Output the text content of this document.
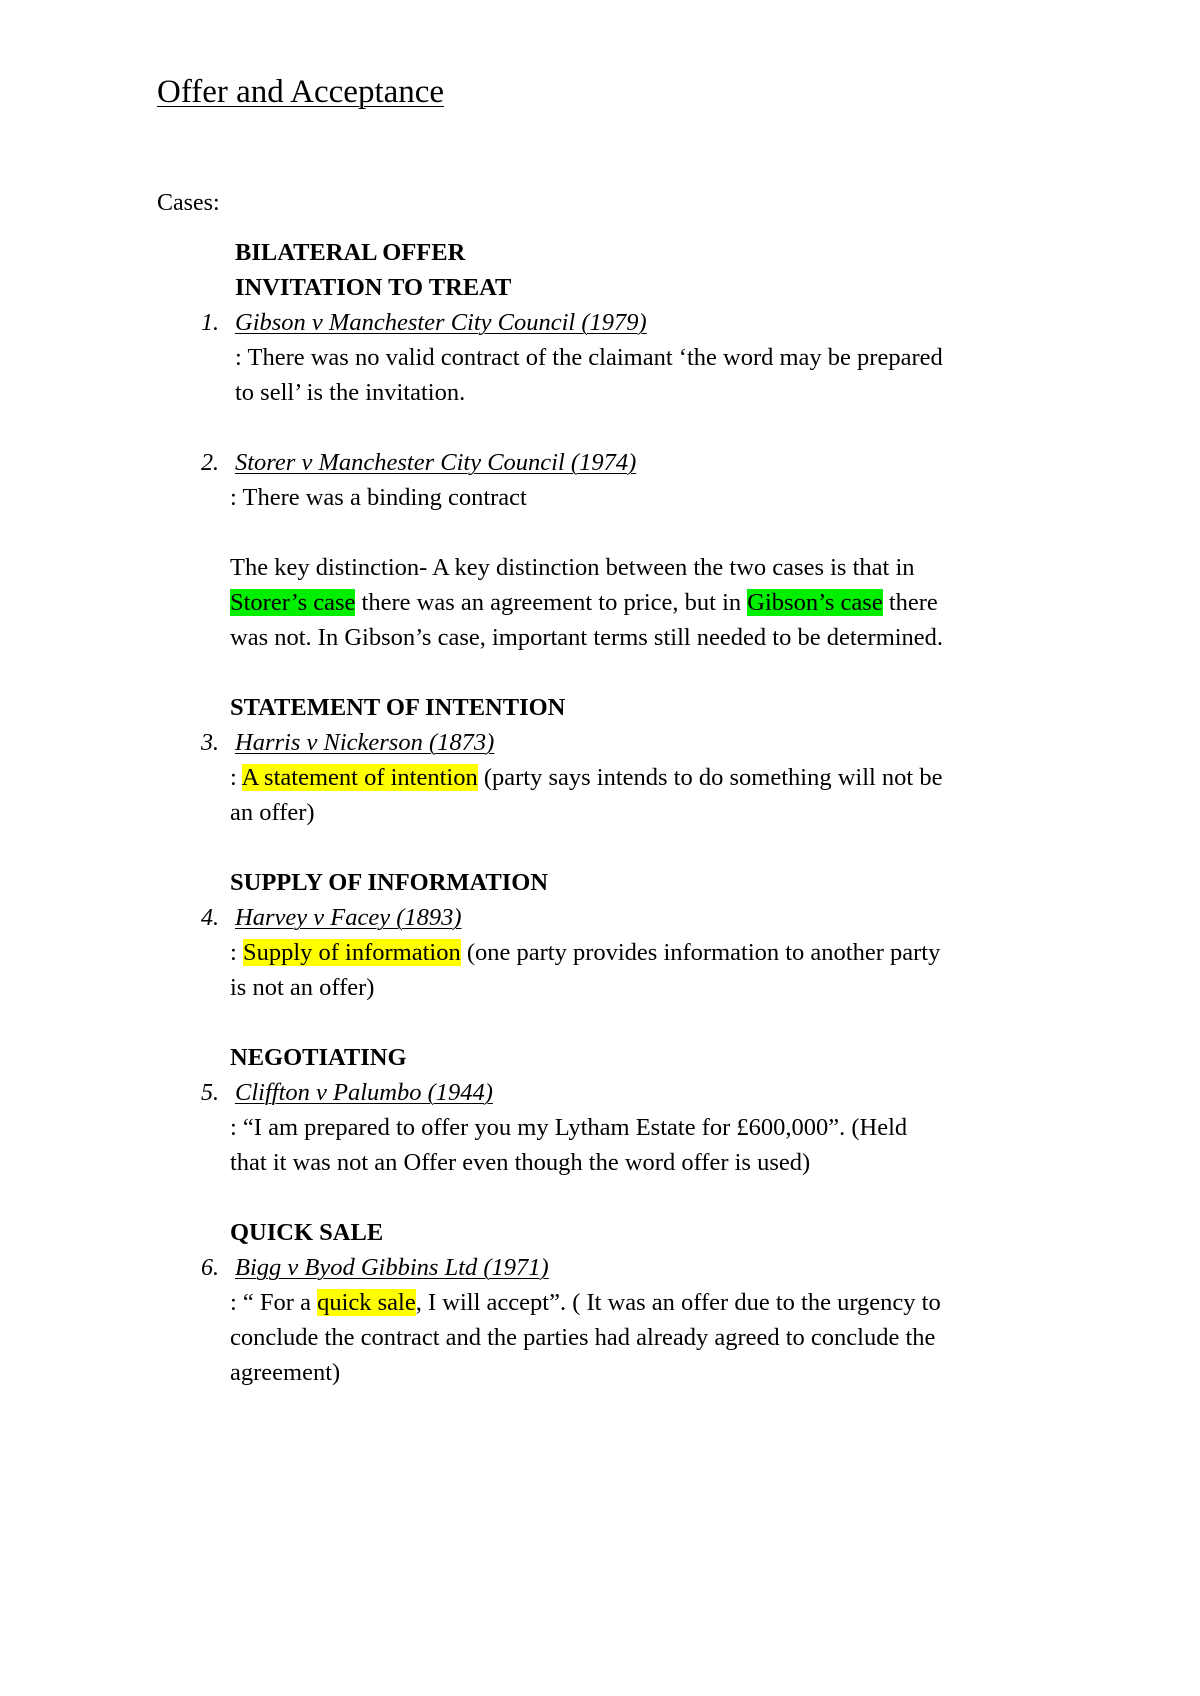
Offer and Acceptance
Cases:
BILATERAL OFFER
INVITATION TO TREAT
1. Gibson v Manchester City Council (1979)
: There was no valid contract of the claimant ‘the word may be prepared
to sell’ is the invitation.
2. Storer v Manchester City Council (1974)
: There was a binding contract
The key distinction- A key distinction between the two cases is that in
Storer’s case there was an agreement to price, but in Gibson’s case there
was not. In Gibson’s case, important terms still needed to be determined.
STATEMENT OF INTENTION
3. Harris v Nickerson (1873)
: A statement of intention (party says intends to do something will not be
an offer)
SUPPLY OF INFORMATION
4. Harvey v Facey (1893)
: Supply of information (one party provides information to another party
is not an offer)
NEGOTIATING
5. Cliffton v Palumbo (1944)
: “I am prepared to offer you my Lytham Estate for £600,000”. (Held
that it was not an Offer even though the word offer is used)
QUICK SALE
6. Bigg v Byod Gibbins Ltd (1971)
: “ For a quick sale, I will accept”. ( It was an offer due to the urgency to
conclude the contract and the parties had already agreed to conclude the
agreement)
